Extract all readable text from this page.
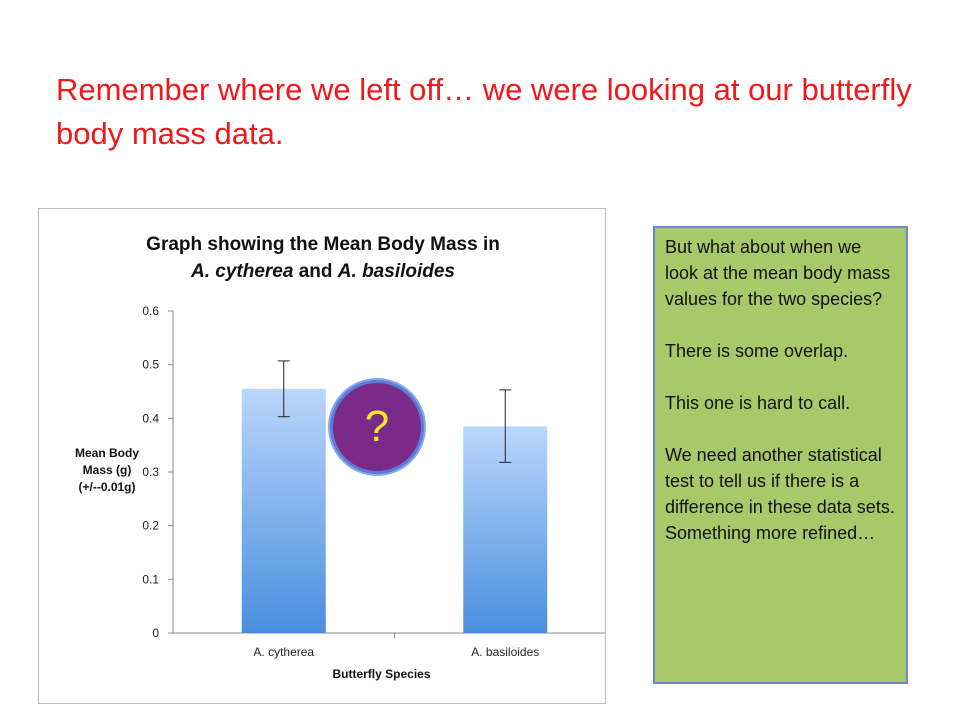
Remember where we left off… we were looking at our butterfly body mass data.
0
0.1
0.2
0.3
0.4
0.5
0.6
A. cytherea	A. basiloides
Graph showing the Mean Body Mass in
A. cytherea and A. basiloides
Mean Body
Mass (g)
(+/--0.01g)
Butterfly Species
?

But what about when we look at the mean body mass values for the two species?

There is some overlap.

This one is hard to call.

We need another statistical test to tell us if there is a difference in these data sets. Something more refined…
